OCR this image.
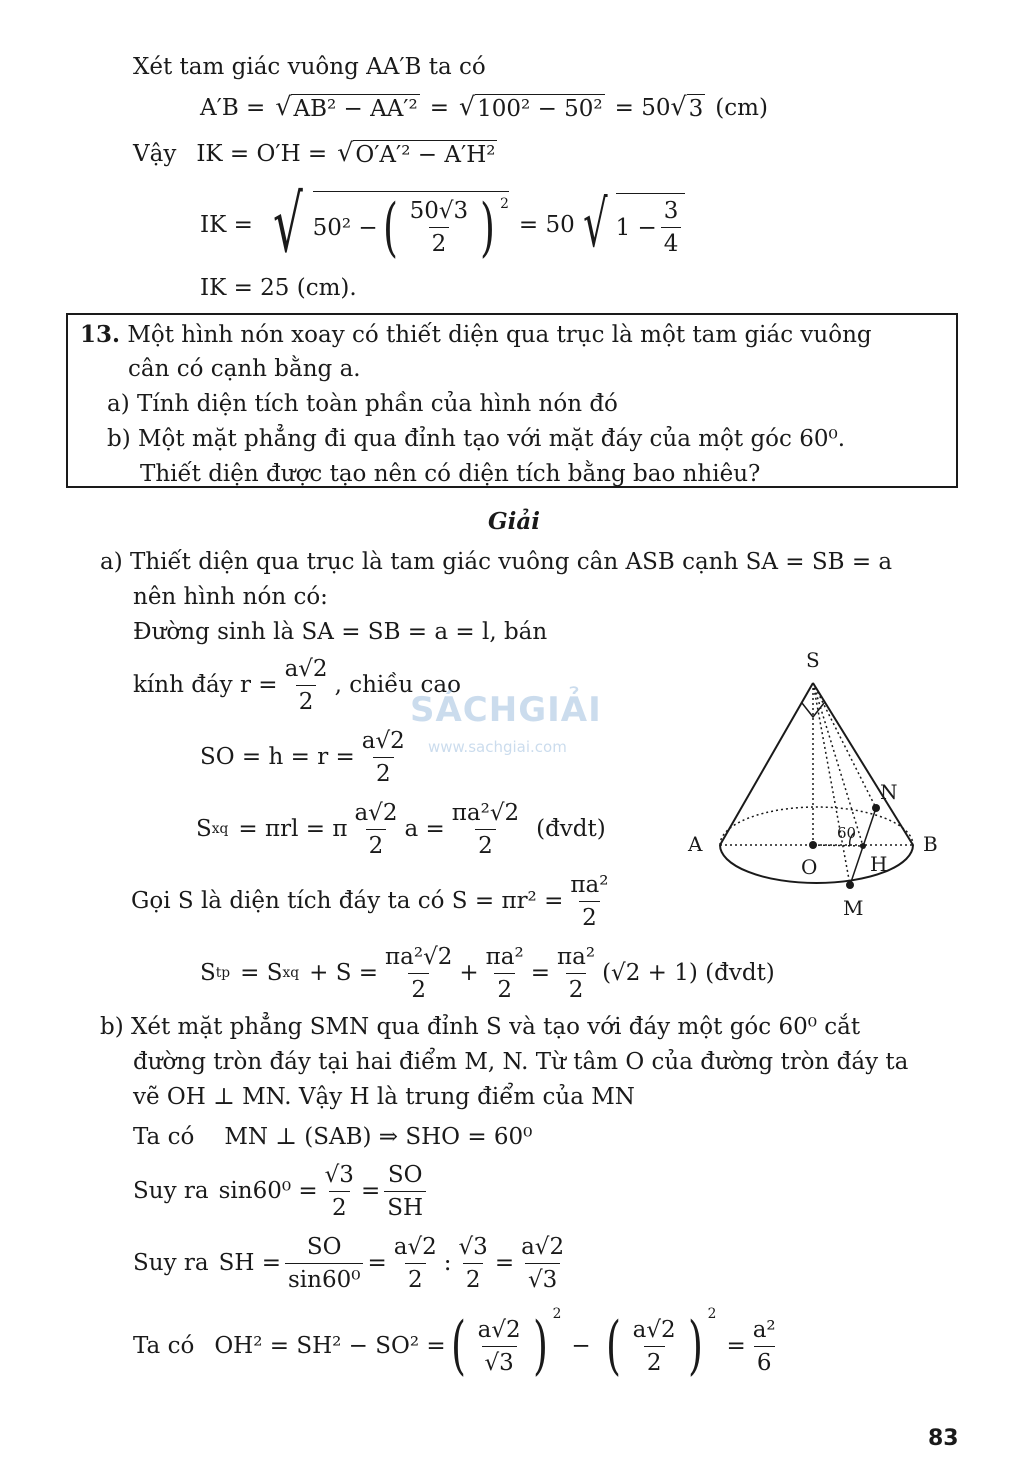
Xét tam giác vuông AA′B ta có
A′B = √ AB² − AA′² = √ 100² − 50² = 50 √ 3 (cm)
Vậy IK = O′H = √ O′A′² − A′H²
IK = √ 50² − ( 50√3
2 ) $^2$
= 50 √ $1 - \frac{3}{4}$
IK = 25 (cm).
13. Một hình nón xoay có thiết diện qua trục là một tam giác vuông
cân có cạnh bằng a.
a) Tính diện tích toàn phần của hình nón đó
b) Một mặt phẳng đi qua đỉnh tạo với mặt đáy của một góc 60⁰.
Thiết diện được tạo nên có diện tích bằng bao nhiêu?
Giải
a) Thiết diện qua trục là tam giác vuông cân ASB cạnh SA = SB = a
nên hình nón có:
Đường sinh là SA = SB = a = l, bán
kính đáy $r = \frac{a√2}{2}$ , chiều cao
SO = $h = r = \frac{a√2}{2}$
S xq = πrl = π
a√2
2
$a = \frac{\text{πa²√2}}{2}$ (đvdt)
Gọi S là diện tích đáy ta có $S = \pi r^2 = \frac{\text{πa²}}{2}$
S tp = S xq + $S = \frac{\text{πa²√2}}{2} + \frac{\text{πa²}}{2} = \frac{\text{πa²}}{2} (√2 + 1)$ (đvdt)
b) Xét mặt phẳng SMN qua đỉnh S và tạo với đáy một góc 60⁰ cắt
đường tròn đáy tại hai điểm M, N. Từ tâm O của đường tròn đáy ta
vẽ OH ⊥ MN. Vậy H là trung điểm của MN
Ta có MN ⊥ (SAB) ⇒ SHO = 60⁰
Suy ra $\sin 60^0 = \frac{√3}{2} = \frac{SO}{SH}$
Suy ra SH = $\frac{SO}{\text{sin60⁰}} = \frac{a√2}{2}$ : $\frac{√3}{2} = \frac{a√2}{√3}$
Ta có OH² = SH² − SO² = ( a√2
√3 ) $^2$
− ( a√2
2 ) $^2$
= $\frac{\text{a²}}{6}$
S
A	B
O	H
N
M
60
SÁCHGIẢI
www.sachgiai.com
83
